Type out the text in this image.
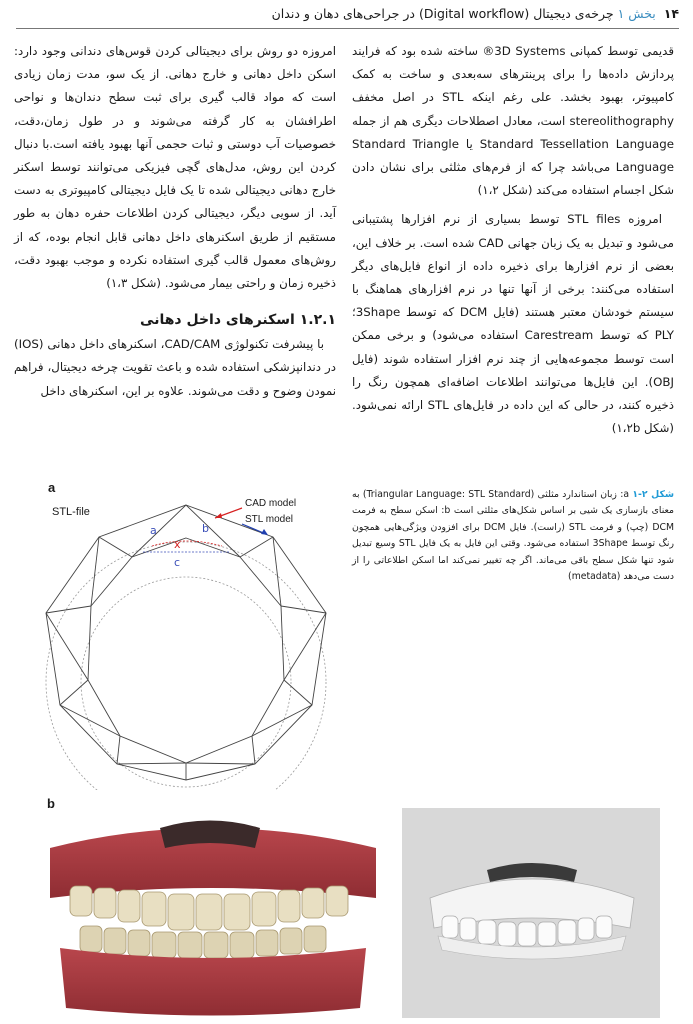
۱۴ بخش ۱ چرخه‌ی دیجیتال (Digital workflow) در جراحی‌های دهان و دندان

قدیمی توسط کمپانی 3D Systems® ساخته شده بود که فرایند پردازش داده‌ها را برای پرینترهای سه‌بعدی و ساخت به کمک کامپیوتر، بهبود بخشد. علی رغم اینکه STL در اصل مخفف stereolithography است، معادل اصطلاحات دیگری هم از جمله Standard Tessellation Language یا Standard Triangle Language می‌باشد چرا که از فرم‌های مثلثی برای نشان دادن شکل اجسام استفاده می‌کند (شکل ۱،۲)

امروزه STL files توسط بسیاری از نرم افزارها پشتیبانی می‌شود و تبدیل به یک زبان جهانی CAD شده است. بر خلاف این، بعضی از نرم افزارها برای ذخیره داده از انواع فایل‌های دیگر استفاده می‌کنند: برخی از آنها تنها در نرم افزارهای هماهنگ با سیستم خودشان معتبر هستند (فایل DCM که توسط 3Shape؛ PLY که توسط Carestream استفاده می‌شود) و برخی ممکن است توسط مجموعه‌هایی از چند نرم افزار استفاده شوند (فایل OBJ). این فایل‌ها می‌توانند اطلاعات اضافه‌ای همچون رنگ را ذخیره کنند، در حالی که این داده در فایل‌های STL ارائه نمی‌شود. (شکل ۱،۲b)

امروزه دو روش برای دیجیتالی کردن قوس‌های دندانی وجود دارد: اسکن داخل دهانی و خارج دهانی. از یک سو، مدت زمان زیادی است که مواد قالب گیری برای ثبت سطح دندان‌ها و نواحی اطرافشان به کار گرفته می‌شوند و در طول زمان،دقت، خصوصیات آب دوستی و ثبات حجمی آنها بهبود یافته است.با دنبال کردن این روش، مدل‌های گچی فیزیکی می‌توانند توسط اسکنر خارج دهانی دیجیتالی شده تا یک فایل دیجیتالی کامپیوتری به دست آید. از سویی دیگر، دیجیتالی کردن اطلاعات حفره دهان به طور مستقیم از طریق اسکنرهای داخل دهانی قابل انجام بوده، که از روش‌های معمول قالب گیری استفاده نکرده و موجب بهبود دقت، ذخیره زمان و راحتی بیمار می‌شود. (شکل ۱،۳)

۱.۲.۱ اسکنرهای داخل دهانی

با پیشرفت تکنولوژی CAD/CAM، اسکنرهای داخل دهانی (IOS) در دندانپزشکی استفاده شده و باعث تقویت چرخه دیجیتال، فراهم نمودن وضوح و دقت می‌شوند. علاوه بر این، اسکنرهای داخل

شکل ۲-۱ a: زبان استاندارد مثلثی (Triangular Language: STL Standard) به معنای بازسازی یک شیی بر اساس شکل‌های مثلثی است b: اسکن سطح به فرمت DCM (چپ) و فرمت STL (راست). فایل DCM برای افزودن ویژگی‌هایی همچون رنگ توسط 3Shape استفاده می‌شود. وقتی این فایل به یک فایل STL وسیع تبدیل شود تنها شکل سطح باقی می‌ماند. اگر چه تغییر نمی‌کند اما اسکن اطلاعاتی را از دست می‌دهد (metadata)
a
CAD model
STL model
STL-file
a	b
x
c
b
